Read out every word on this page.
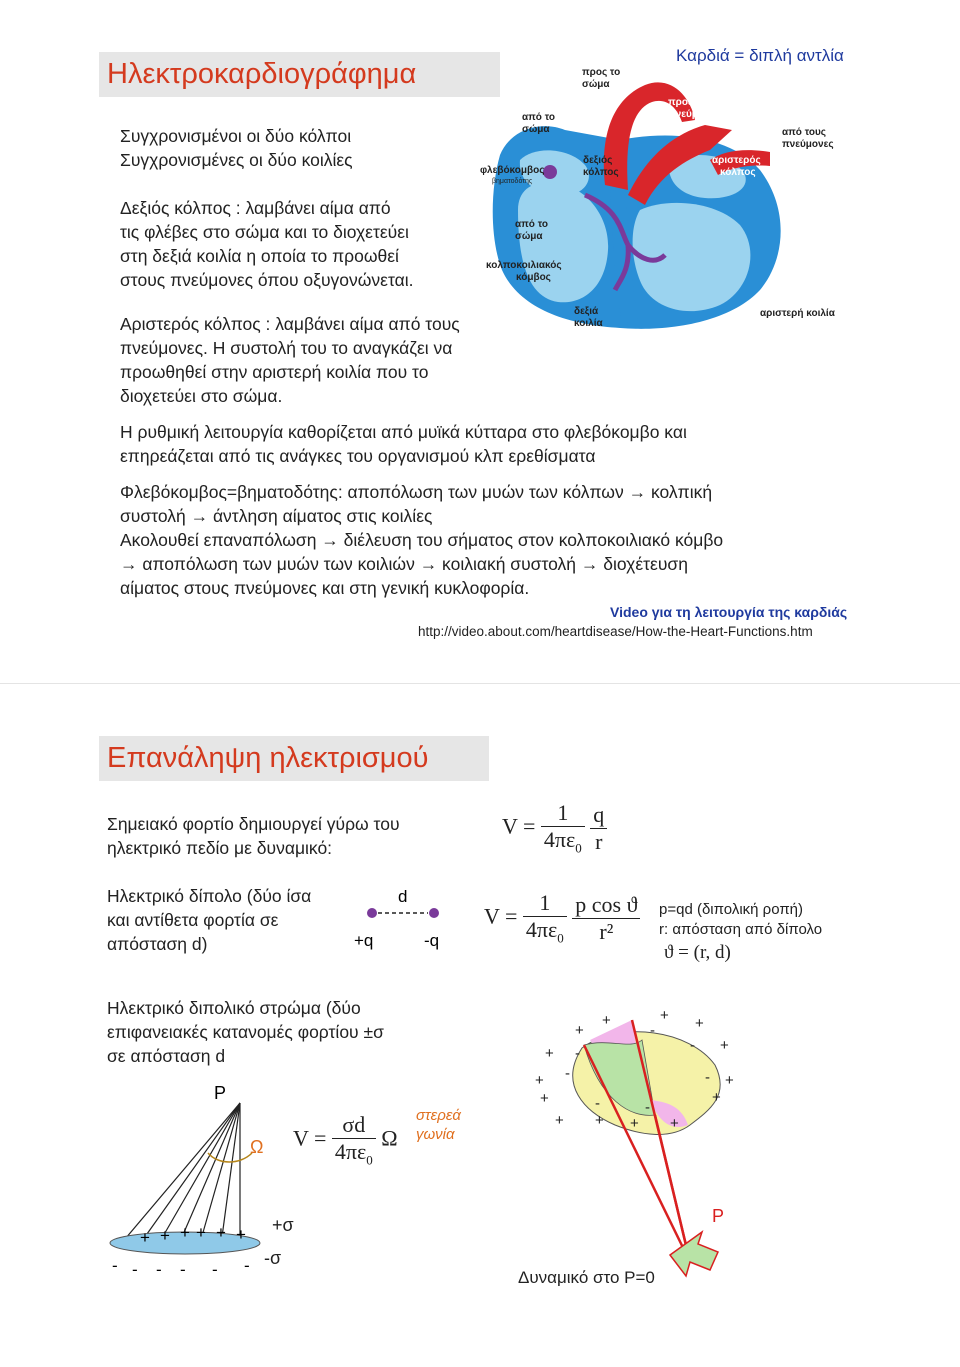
Ηλεκτροκαρδιογράφημα
Καρδιά = διπλή αντλία
Συγχρονισμένοι οι δύο κόλποι
Συγχρονισμένες οι δύο κοιλίες
Δεξιός κόλπος : λαμβάνει αίμα από
τις φλέβες στο σώμα και το διοχετεύει
στη δεξιά κοιλία η οποία το προωθεί
στους πνεύμονες όπου οξυγονώνεται.
Αριστερός κόλπος : λαμβάνει αίμα από τους
πνεύμονες. Η συστολή του το αναγκάζει να
προωθηθεί στην αριστερή κοιλία που το
διοχετεύει στο σώμα.
προς το σώμα
προς τους πνεύμονες
από το σώμα	από τους πνεύμονες
φλεβόκομβος
βηματοδότης
δεξιός κόλπος
αριστερός κόλπος
από το σώμα
κολποκοιλιακός κόμβος
δεξιά κοιλία
αριστερή κοιλία
Η ρυθμική λειτουργία καθορίζεται από μυϊκά κύτταρα στο φλεβόκομβο και
επηρεάζεται από τις ανάγκες του οργανισμού κλπ ερεθίσματα
Φλεβόκομβος=βηματοδότης: αποπόλωση των μυών των κόλπων → κολπική
συστολή → άντληση αίματος στις κοιλίες
Ακολουθεί επαναπόλωση → διέλευση του σήματος στον κολποκοιλιακό κόμβο
→ αποπόλωση των μυών των κοιλιών → κοιλιακή συστολή → διοχέτευση
αίματος στους πνεύμονες και στη γενική κυκλοφορία.
Video για τη λειτουργία της καρδιάς
http://video.about.com/heartdisease/How-the-Heart-Functions.htm
Επανάληψη ηλεκτρισμού
Σημειακό φορτίο δημιουργεί γύρω του
ηλεκτρικό πεδίο με δυναμικό:
$V = \frac{1}{4\pi\varepsilon_0}$
$\frac{q}{r}$
Ηλεκτρικό δίπολο (δύο ίσα
και αντίθετα φορτία σε
απόσταση d)
d
+q	-q
$V = \frac{1}{4\pi\varepsilon_0}$
$\frac{\text{p cos ϑ}}{\text{r²}} p=qd$ (διπολική ροπή)
r: απόσταση από δίπολο
ϑ = (r, d)
Ηλεκτρικό διπολικό στρώμα (δύο
επιφανειακές κατανομές φορτίου ±σ
σε απόσταση d
P
Ω
+ + + + + +
- - - - - -
+σ
-σ
$V = \frac{\sigma d}{4\pi\varepsilon_0}$ Ω
στερεά
γωνία
+
+
+
+
+
+
+ +
+
+
+
+
+	+
-
-
-
-
-
-
-
P
Δυναμικό στο P=0
